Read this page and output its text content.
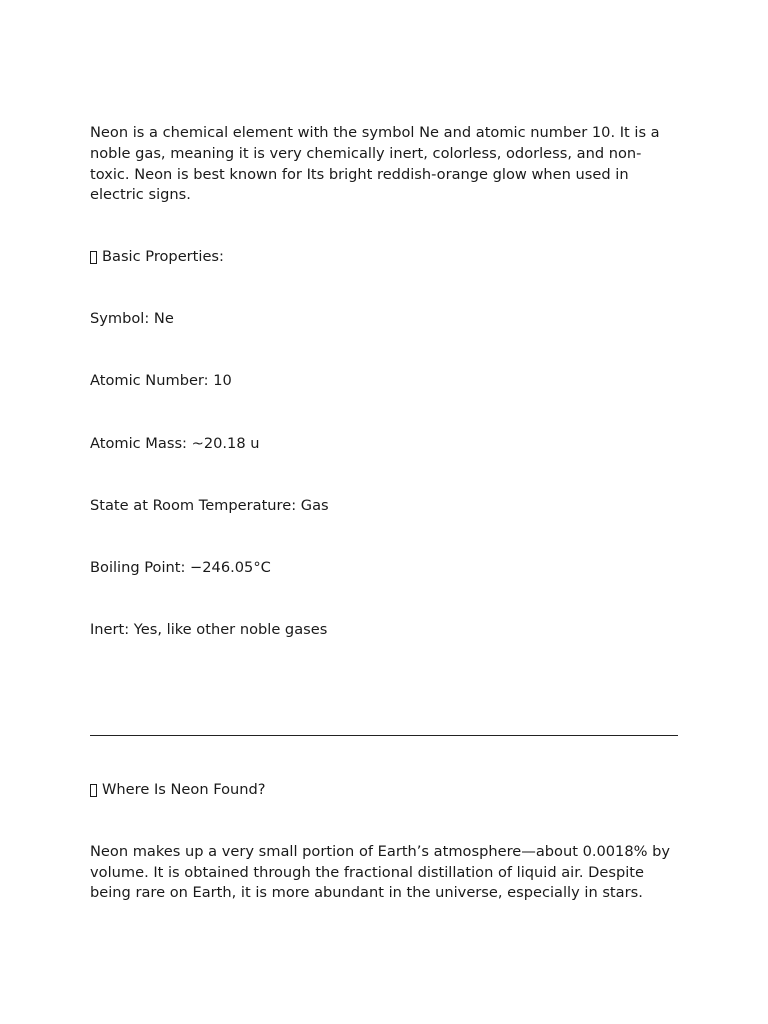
Neon is a chemical element with the symbol Ne and atomic number 10. It is a noble gas, meaning it is very chemically inert, colorless, odorless, and non-toxic. Neon is best known for Its bright reddish-orange glow when used in electric signs.

Basic Properties:

Symbol: Ne

Atomic Number: 10

Atomic Mass: ~20.18 u

State at Room Temperature: Gas

Boiling Point: −246.05°C

Inert: Yes, like other noble gases

Where Is Neon Found?

Neon makes up a very small portion of Earth’s atmosphere—about 0.0018% by volume. It is obtained through the fractional distillation of liquid air. Despite being rare on Earth, it is more abundant in the universe, especially in stars.
